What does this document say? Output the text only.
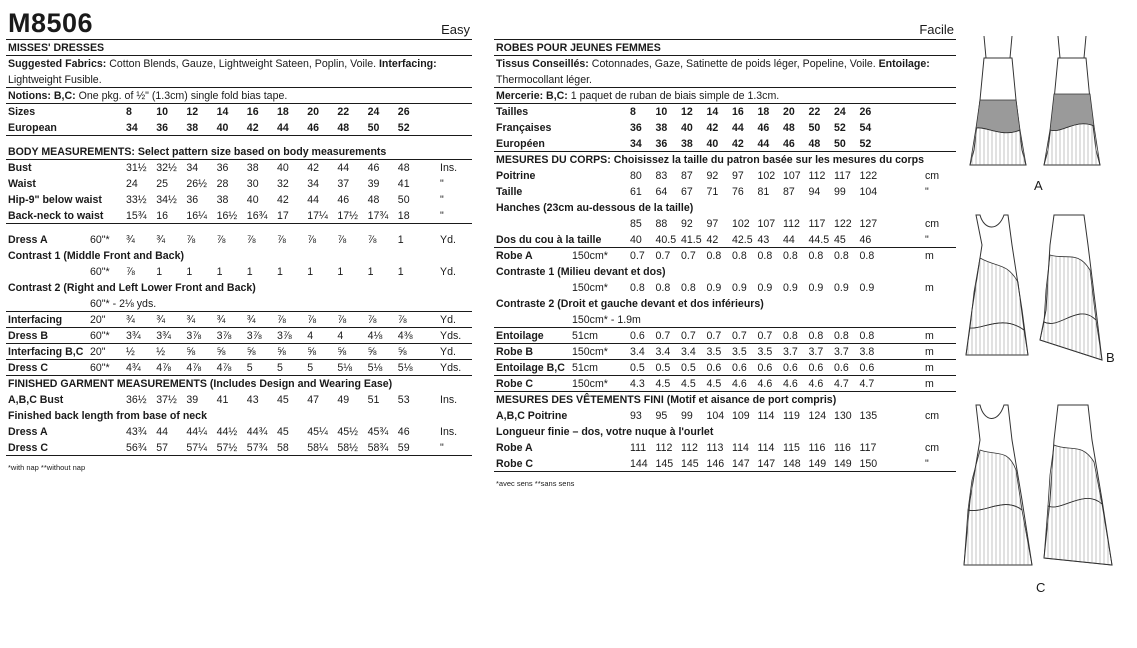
M8506	Easy
MISSES' DRESSES
Suggested Fabrics: Cotton Blends, Gauze, Lightweight Sateen, Poplin, Voile. Interfacing:
Lightweight Fusible.
Notions: B,C: One pkg. of ½" (1.3cm) single fold bias tape.
Sizes	8 10 12 14 16 18 20 22 24 26
European	34 36 38 40 42 44 46 48 50 52
BODY MEASUREMENTS: Select pattern size based on body measurements
Bust	31½ 32½ 34 36 38 40 42 44 46 48	Ins.
Waist	24 25 26½ 28 30 32 34 37 39 41	"
Hip-9" below waist 33½ 34½ 36 38 40 42 44 46 48 50	"
Back-neck to waist 15¾ 16 16¼ 16½ 16¾ 17 17¼ 17½ 17¾ 18	"
Dress A	60"* ¾ ¾ ⅞ ⅞ ⅞ ⅞ ⅞ ⅞ ⅞ 1	Yd.
Contrast 1 (Middle Front and Back)
60"* ⅞ 1 1 1 1 1 1 1 1 1	Yd.
Contrast 2 (Right and Left Lower Front and Back)
60"* - 2⅛ yds.
Interfacing	20" ¾ ¾ ¾ ¾ ¾ ⅞ ⅞ ⅞ ⅞ ⅞	Yd.
Dress B	60"* 3¾ 3¾ 3⅞ 3⅞ 3⅞ 3⅞ 4 4 4⅛ 4⅜	Yds.
Interfacing B,C 20" ½ ½ ⅝ ⅝ ⅝ ⅝ ⅝ ⅝ ⅝ ⅝	Yd.
Dress C	60"* 4¾ 4⅞ 4⅞ 4⅞ 5 5 5 5⅛ 5⅛ 5⅛	Yds.
FINISHED GARMENT MEASUREMENTS (Includes Design and Wearing Ease)
A,B,C Bust	36½ 37½ 39 41 43 45 47 49 51 53	Ins.
Finished back length from base of neck
Dress A	43¾ 44 44¼ 44½ 44¾ 45 45¼ 45½ 45¾ 46	Ins.
Dress C	56¾ 57 57¼ 57½ 57¾ 58 58¼ 58½ 58¾ 59	"
*with nap **without nap
Facile
ROBES POUR JEUNES FEMMES
Tissus Conseillés: Cotonnades, Gaze, Satinette de poids léger, Popeline, Voile. Entoilage:
Thermocollant léger.
Mercerie: B,C: 1 paquet de ruban de biais simple de 1.3cm.
Tailles	8 10 12 14 16 18 20 22 24 26
Françaises	36 38 40 42 44 46 48 50 52 54
Européen	34 36 38 40 42 44 46 48 50 52
MESURES DU CORPS: Choisissez la taille du patron basée sur les mesures du corps
Poitrine	80 83 87 92 97 102 107 112 117 122	cm
Taille	61 64 67 71 76 81 87 94 99 104	"
Hanches (23cm au-dessous de la taille)
85 88 92 97 102 107 112 117 122 127	cm
Dos du cou à la taille	40 40.5 41.5 42 42.5 43 44 44.5 45 46	"
Robe A	150cm* 0.7 0.7 0.7 0.8 0.8 0.8 0.8 0.8 0.8 0.8	m
Contraste 1 (Milieu devant et dos)
150cm* 0.8 0.8 0.8 0.9 0.9 0.9 0.9 0.9 0.9 0.9	m
Contraste 2 (Droit et gauche devant et dos inférieurs)
150cm* - 1.9m
Entoilage	51cm	0.6 0.7 0.7 0.7 0.7 0.7 0.8 0.8 0.8 0.8	m
Robe B	150cm* 3.4 3.4 3.4 3.5 3.5 3.5 3.7 3.7 3.7 3.8	m
Entoilage B,C 51cm	0.5 0.5 0.5 0.6 0.6 0.6 0.6 0.6 0.6 0.6	m
Robe C	150cm* 4.3 4.5 4.5 4.5 4.6 4.6 4.6 4.6 4.7 4.7	m
MESURES DES VÊTEMENTS FINI (Motif et aisance de port compris)
A,B,C Poitrine	93 95 99 104 109 114 119 124 130 135	cm
Longueur finie – dos, votre nuque à l'ourlet
Robe A	111 112 112 113 114 114 115 116 116 117	cm
Robe C	144 145 145 146 147 147 148 149 149 150	"
*avec sens **sans sens
A
B
C
